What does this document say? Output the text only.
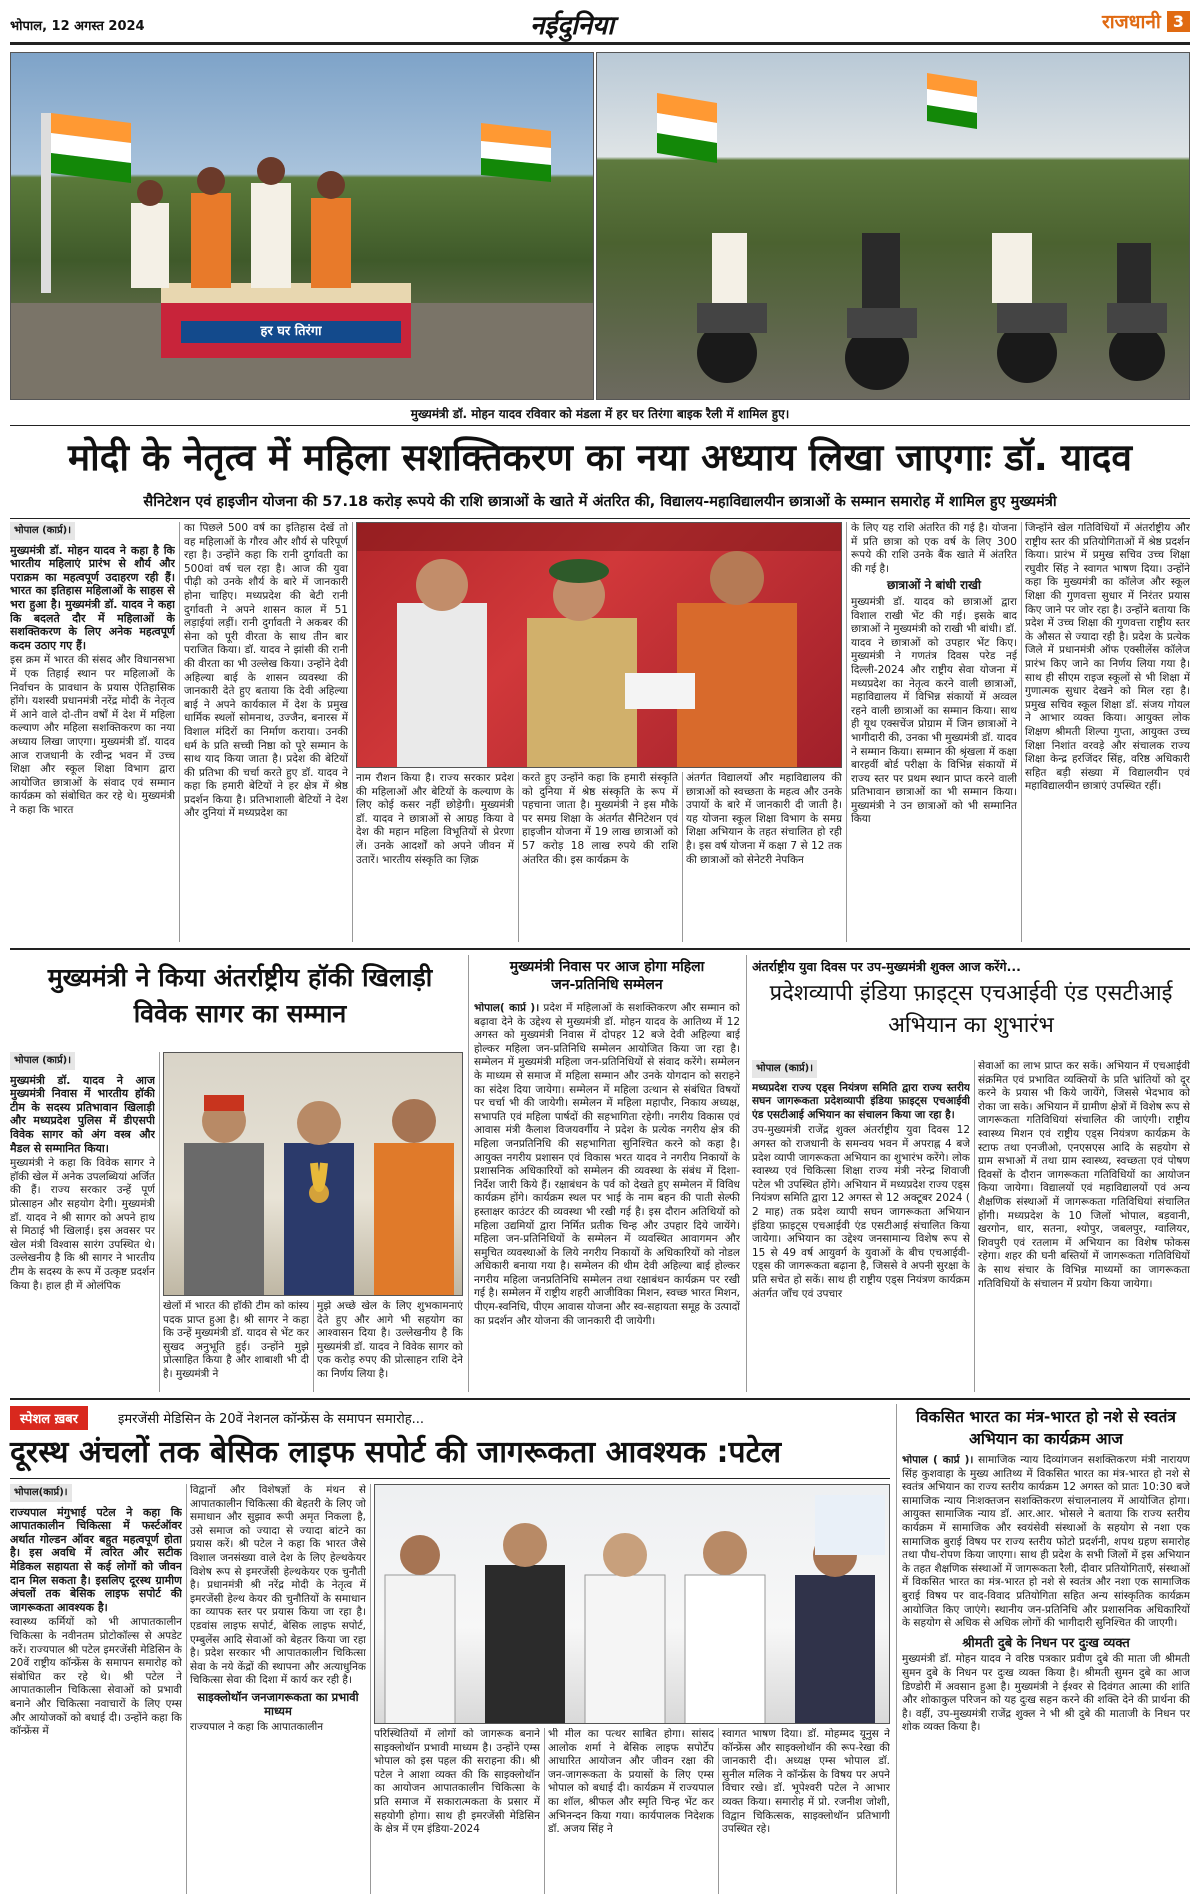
भोपाल, 12 अगस्त 2024	नईदुनिया	राजधानी 3
हर घर तिरंगा
मुख्यमंत्री डॉ. मोहन यादव रविवार को मंडला में हर घर तिरंगा बाइक रैली में शामिल हुए।
मोदी के नेतृत्व में महिला सशक्तिकरण का नया अध्याय लिखा जाएगाः डॉ. यादव
सैनिटेशन एवं हाइजीन योजना की 57.18 करोड़ रूपये की राशि छात्राओं के खाते में अंतरित की, विद्यालय-महाविद्यालयीन छात्राओं के सम्मान समारोह में शामिल हुए मुख्यमंत्री
भोपाल (कार्प्र)।

मुख्यमंत्री डॉ. मोहन यादव ने कहा है कि भारतीय महिलाएं प्रारंभ से शौर्य और पराक्रम का महत्वपूर्ण उदाहरण रही हैं। भारत का इतिहास महिलाओं के साहस से भरा हुआ है। मुख्यमंत्री डॉ. यादव ने कहा कि बदलते दौर में महिलाओं के सशक्तिकरण के लिए अनेक महत्वपूर्ण कदम उठाए गए हैं।

इस क्रम में भारत की संसद और विधानसभा में एक तिहाई स्थान पर महिलाओं के निर्वाचन के प्रावधान के प्रयास ऐतिहासिक होंगे। यशस्वी प्रधानमंत्री नरेंद्र मोदी के नेतृत्व में आने वाले दो-तीन वर्षों में देश में महिला कल्याण और महिला सशक्तिकरण का नया अध्याय लिखा जाएगा। मुख्यमंत्री डॉ. यादव आज राजधानी के रवीन्द्र भवन में उच्च शिक्षा और स्कूल शिक्षा विभाग द्वारा आयोजित छात्राओं के संवाद एवं सम्मान कार्यक्रम को संबोधित कर रहे थे। मुख्यमंत्री ने कहा कि भारत

का पिछले 500 वर्ष का इतिहास देखें तो वह महिलाओं के गौरव और शौर्य से परिपूर्ण रहा है। उन्होंने कहा कि रानी दुर्गावती का 500वां वर्ष चल रहा है। आज की युवा पीढ़ी को उनके शौर्य के बारे में जानकारी होना चाहिए। मध्यप्रदेश की बेटी रानी दुर्गावती ने अपने शासन काल में 51 लड़ाईयां लड़ीं। रानी दुर्गावती ने अकबर की सेना को पूरी वीरता के साथ तीन बार पराजित किया। डॉ. यादव ने झांसी की रानी की वीरता का भी उल्लेख किया। उन्होंने देवी अहिल्या बाई के शासन व्यवस्था की जानकारी देते हुए बताया कि देवी अहिल्या बाई ने अपने कार्यकाल में देश के प्रमुख धार्मिक स्थलों सोमनाथ, उज्जैन, बनारस में विशाल मंदिरों का निर्माण कराया। उनकी धर्म के प्रति सच्ची निष्ठा को पूरे सम्मान के साथ याद किया जाता है। प्रदेश की बेटियों की प्रतिभा की चर्चा करते हुए डॉ. यादव ने कहा कि हमारी बेटियों ने हर क्षेत्र में श्रेष्ठ प्रदर्शन किया है। प्रतिभाशाली बेटियों ने देश और दुनियां में मध्यप्रदेश का

नाम रौशन किया है। राज्य सरकार प्रदेश की महिलाओं और बेटियों के कल्याण के लिए कोई कसर नहीं छोड़ेगी। मुख्यमंत्री डॉ. यादव ने छात्राओं से आग्रह किया वे देश की महान महिला विभूतियों से प्रेरणा लें। उनके आदर्शों को अपने जीवन में उतारें। भारतीय संस्कृति का ज़िक्र

करते हुए उन्होंने कहा कि हमारी संस्कृति को दुनिया में श्रेष्ठ संस्कृति के रूप में पहचाना जाता है। मुख्यमंत्री ने इस मौके पर समग्र शिक्षा के अंतर्गत सैनिटेशन एवं हाइजीन योजना में 19 लाख छात्राओं को 57 करोड़ 18 लाख रुपये की राशि अंतरित की। इस कार्यक्रम के

अंतर्गत विद्यालयों और महाविद्यालय की छात्राओं को स्वच्छता के महत्व और उनके उपायों के बारे में जानकारी दी जाती है। यह योजना स्कूल शिक्षा विभाग के समग्र शिक्षा अभियान के तहत संचालित हो रही है। इस वर्ष योजना में कक्षा 7 से 12 तक की छात्राओं को सेनेटरी नेपकिन

के लिए यह राशि अंतरित की गई है। योजना में प्रति छात्रा को एक वर्ष के लिए 300 रूपये की राशि उनके बैंक खाते में अंतरित की गई है।

छात्राओं ने बांधी राखी

मुख्यमंत्री डॉ. यादव को छात्राओं द्वारा विशाल राखी भेंट की गई। इसके बाद छात्राओं ने मुख्यमंत्री को राखी भी बांधी। डॉ. यादव ने छात्राओं को उपहार भेंट किए। मुख्यमंत्री ने गणतंत्र दिवस परेड नई दिल्ली-2024 और राष्ट्रीय सेवा योजना में मध्यप्रदेश का नेतृत्व करने वाली छात्राओं, महाविद्यालय में विभिन्न संकायों में अव्वल रहने वाली छात्राओं का सम्मान किया। साथ ही यूथ एक्सचेंज प्रोग्राम में जिन छात्राओं ने भागीदारी की, उनका भी मुख्यमंत्री डॉ. यादव ने सम्मान किया। सम्मान की श्रृंखला में कक्षा बारहवीं बोर्ड परीक्षा के विभिन्न संकायों में राज्य स्तर पर प्रथम स्थान प्राप्त करने वाली प्रतिभावान छात्राओं का भी सम्मान किया। मुख्यमंत्री ने उन छात्राओं को भी सम्मानित किया

जिन्होंने खेल गतिविधियों में अंतर्राष्ट्रीय और राष्ट्रीय स्तर की प्रतियोगिताओं में श्रेष्ठ प्रदर्शन किया। प्रारंभ में प्रमुख सचिव उच्च शिक्षा रघुवीर सिंह ने स्वागत भाषण दिया। उन्होंने कहा कि मुख्यमंत्री का कॉलेज और स्कूल शिक्षा की गुणवत्ता सुधार में निरंतर प्रयास किए जाने पर जोर रहा है। उन्होंने बताया कि प्रदेश में उच्च शिक्षा की गुणवत्ता राष्ट्रीय स्तर के औसत से ज्यादा रही है। प्रदेश के प्रत्येक जिले में प्रधानमंत्री ऑफ एक्सीलेंस कॉलेज प्रारंभ किए जाने का निर्णय लिया गया है। साथ ही सीएम राइज स्कूलों से भी शिक्षा में गुणात्मक सुधार देखने को मिल रहा है। प्रमुख सचिव स्कूल शिक्षा डॉ. संजय गोयल ने आभार व्यक्त किया। आयुक्त लोक शिक्षण श्रीमती शिल्पा गुप्ता, आयुक्त उच्च शिक्षा निशांत वरवड़े और संचालक राज्य शिक्षा केन्द्र हरजिंदर सिंह, वरिष्ठ अधिकारी सहित बड़ी संख्या में विद्यालयीन एवं महाविद्यालयीन छात्राएं उपस्थित रहीं।

मुख्यमंत्री ने किया अंतर्राष्ट्रीय हॉकी खिलाड़ी विवेक सागर का सम्मान
भोपाल (कार्प्र)।

मुख्यमंत्री डॉ. यादव ने आज मुख्यमंत्री निवास में भारतीय हॉकी टीम के सदस्य प्रतिभावान खिलाड़ी और मध्यप्रदेश पुलिस में डीएसपी विवेक सागर को अंग वस्त्र और मैडल से सम्मानित किया।

मुख्यमंत्री ने कहा कि विवेक सागर ने हॉकी खेल में अनेक उपलब्धियां अर्जित की हैं। राज्य सरकार उन्हें पूर्ण प्रोत्साहन और सहयोग देगी। मुख्यमंत्री डॉ. यादव ने श्री सागर को अपने हाथ से मिठाई भी खिलाई। इस अवसर पर खेल मंत्री विश्वास सारंग उपस्थित थे। उल्लेखनीय है कि श्री सागर ने भारतीय टीम के सदस्य के रूप में उत्कृष्ट प्रदर्शन किया है। हाल ही में ओलंपिक

खेलों में भारत की हॉकी टीम को कांस्य पदक प्राप्त हुआ है। श्री सागर ने कहा कि उन्हें मुख्यमंत्री डॉ. यादव से भेंट कर सुखद अनुभूति हुई। उन्होंने मुझे प्रोत्साहित किया है और शाबाशी भी दी है। मुख्यमंत्री ने

मुझे अच्छे खेल के लिए शुभकामनाएं देते हुए और आगे भी सहयोग का आश्वासन दिया है। उल्लेखनीय है कि मुख्यमंत्री डॉ. यादव ने विवेक सागर को एक करोड़ रुपए की प्रोत्साहन राशि देने का निर्णय लिया है।

मुख्यमंत्री निवास पर आज होगा महिला
जन-प्रतिनिधि सम्मेलन
भोपाल( कार्प्र )। प्रदेश में महिलाओं के सशक्तिकरण और सम्मान को बढ़ावा देने के उद्देश्य से मुख्यमंत्री डॉ. मोहन यादव के आतिथ्य में 12 अगस्त को मुख्यमंत्री निवास में दोपहर 12 बजे देवी अहिल्या बाई होल्कर महिला जन-प्रतिनिधि सम्मेलन आयोजित किया जा रहा है। सम्मेलन में मुख्यमंत्री महिला जन-प्रतिनिधियों से संवाद करेंगे। सम्मेलन के माध्यम से समाज में महिला सम्मान और उनके योगदान को सराहने का संदेश दिया जायेगा। सम्मेलन में महिला उत्थान से संबंधित विषयों पर चर्चा भी की जायेगी। सम्मेलन में महिला महापौर, निकाय अध्यक्ष, सभापति एवं महिला पार्षदों की सहभागिता रहेगी। नगरीय विकास एवं आवास मंत्री कैलाश विजयवर्गीय ने प्रदेश के प्रत्येक नगरीय क्षेत्र की महिला जनप्रतिनिधि की सहभागिता सुनिश्चित करने को कहा है। आयुक्त नगरीय प्रशासन एवं विकास भरत यादव ने नगरीय निकायों के प्रशासनिक अधिकारियों को सम्मेलन की व्यवस्था के संबंध में दिशा-निर्देश जारी किये हैं। रक्षाबंधन के पर्व को देखते हुए सम्मेलन में विविध कार्यक्रम होंगे। कार्यक्रम स्थल पर भाई के नाम बहन की पाती सेल्फी हस्ताक्षर काउंटर की व्यवस्था भी रखी गई है। इस दौरान अतिथियों को महिला उद्यमियों द्वारा निर्मित प्रतीक चिन्ह और उपहार दिये जायेंगे। महिला जन-प्रतिनिधियों के सम्मेलन में व्यवस्थित आवागमन और समुचित व्यवस्थाओं के लिये नगरीय निकायों के अधिकारियों को नोडल अधिकारी बनाया गया है। सम्मेलन की थीम देवी अहिल्या बाई होल्कर नगरीय महिला जनप्रतिनिधि सम्मेलन तथा रक्षाबंधन कार्यक्रम पर रखी गई है। सम्मेलन में राष्ट्रीय शहरी आजीविका मिशन, स्वच्छ भारत मिशन, पीएम-स्वनिधि, पीएम आवास योजना और स्व-सहायता समूह के उत्पादों का प्रदर्शन और योजना की जानकारी दी जायेगी।
अंतर्राष्ट्रीय युवा दिवस पर उप-मुख्यमंत्री शुक्ल आज करेंगे...
प्रदेशव्यापी इंडिया फ़ाइट्स एचआईवी एंड एसटीआई अभियान का शुभारंभ
भोपाल (कार्प्र)।

मध्यप्रदेश राज्य एड्स नियंत्रण समिति द्वारा राज्य स्तरीय सघन जागरूकता प्रदेशव्यापी इंडिया फ़ाइट्स एचआईवी एंड एसटीआई अभियान का संचालन किया जा रहा है।

उप-मुख्यमंत्री राजेंद्र शुक्ल अंतर्राष्ट्रीय युवा दिवस 12 अगस्त को राजधानी के समन्वय भवन में अपराह्न 4 बजे प्रदेश व्यापी जागरूकता अभियान का शुभारंभ करेंगे। लोक स्वास्थ्य एवं चिकित्सा शिक्षा राज्य मंत्री नरेन्द्र शिवाजी पटेल भी उपस्थित होंगे। अभियान में मध्यप्रदेश राज्य एड्स नियंत्रण समिति द्वारा 12 अगस्त से 12 अक्टूबर 2024 ( 2 माह) तक प्रदेश व्यापी सघन जागरूकता अभियान इंडिया फ़ाइट्स एचआईवी एंड एसटीआई संचालित किया जायेगा। अभियान का उद्देश्य जनसामान्य विशेष रूप से 15 से 49 वर्ष आयुवर्ग के युवाओं के बीच एचआईवी-एड्स की जागरूकता बढ़ाना है, जिससे वे अपनी सुरक्षा के प्रति सचेत हो सकें। साथ ही राष्ट्रीय एड्स नियंत्रण कार्यक्रम अंतर्गत जाँच एवं उपचार

सेवाओं का लाभ प्राप्त कर सकें। अभियान में एचआईवी संक्रमित एवं प्रभावित व्यक्तियों के प्रति भ्रांतियों को दूर करने के प्रयास भी किये जायेंगे, जिससे भेदभाव को रोका जा सके। अभियान में ग्रामीण क्षेत्रों में विशेष रूप से जागरूकता गतिविधियां संचालित की जाएंगी। राष्ट्रीय स्वास्थ्य मिशन एवं राष्ट्रीय एड्स नियंत्रण कार्यक्रम के स्टाफ तथा एनजीओ, एनएसएस आदि के सहयोग से ग्राम सभाओं में तथा ग्राम स्वास्थ्य, स्वच्छता एवं पोषण दिवसों के दौरान जागरूकता गतिविधियों का आयोजन किया जायेगा। विद्यालयों एवं महाविद्यालयों एवं अन्य शैक्षणिक संस्थाओं में जागरूकता गतिविधियां संचालित होंगी। मध्यप्रदेश के 10 जिलों भोपाल, बड़वानी, खरगोन, धार, सतना, श्योपुर, जबलपुर, ग्वालियर, शिवपुरी एवं रतलाम में अभियान का विशेष फोकस रहेगा। शहर की घनी बस्तियों में जागरूकता गतिविधियों के साथ संचार के विभिन्न माध्यमों का जागरूकता गतिविधियों के संचालन में प्रयोग किया जायेगा।

स्पेशल ख़बर	इमरजेंसी मेडिसिन के 20वें नेशनल कॉन्फ्रेंस के समापन समारोह...
दूरस्थ अंचलों तक बेसिक लाइफ सपोर्ट की जागरूकता आवश्यक :पटेल
भोपाल(कार्प्र)।

राज्यपाल मंगुभाई पटेल ने कहा कि आपातकालीन चिकित्सा में फर्स्टऑवर अर्थात गोल्डन ऑवर बहुत महत्वपूर्ण होता है। इस अवधि में त्वरित और सटीक मेडिकल सहायता से कई लोगों को जीवन दान मिल सकता है। इसलिए दूरस्थ ग्रामीण अंचलों तक बेसिक लाइफ सपोर्ट की जागरूकता आवश्यक है।

स्वास्थ्य कर्मियों को भी आपातकालीन चिकित्सा के नवीनतम प्रोटोकॉल्स से अपडेट करें। राज्यपाल श्री पटेल इमरजेंसी मेडिसिन के 20वें राष्ट्रीय कॉन्फ्रेंस के समापन समारोह को संबोधित कर रहे थे। श्री पटेल ने आपातकालीन चिकित्सा सेवाओं को प्रभावी बनाने और चिकित्सा नवाचारों के लिए एम्स और आयोजकों को बधाई दी। उन्होंने कहा कि कॉन्फ्रेंस में

विद्वानों और विशेषज्ञों के मंथन से आपातकालीन चिकित्सा की बेहतरी के लिए जो समाधान और सुझाव रूपी अमृत निकला है, उसे समाज को ज्यादा से ज्यादा बांटने का प्रयास करें। श्री पटेल ने कहा कि भारत जैसे विशाल जनसंख्या वाले देश के लिए हेल्थकेयर विशेष रूप से इमरजेंसी हेल्थकेयर एक चुनौती है। प्रधानमंत्री श्री नरेंद्र मोदी के नेतृत्व में इमरजेंसी हेल्थ केयर की चुनौतियों के समाधान का व्यापक स्तर पर प्रयास किया जा रहा है। एडवांस लाइफ सपोर्ट, बेसिक लाइफ सपोर्ट, एम्बुलेंस आदि सेवाओं को बेहतर किया जा रहा है। प्रदेश सरकार भी आपातकालीन चिकित्सा सेवा के नये केंद्रों की स्थापना और अत्याधुनिक चिकित्सा सेवा की दिशा में कार्य कर रही है।

साइक्लोथॉन जनजागरूकता का प्रभावी माध्यम

राज्यपाल ने कहा कि आपातकालीन

परिस्थितियों में लोगों को जागरूक बनाने साइक्लोथॉन प्रभावी माध्यम है। उन्होंने एम्स भोपाल को इस पहल की सराहना की। श्री पटेल ने आशा व्यक्त की कि साइक्लोथॉन का आयोजन आपातकालीन चिकित्सा के प्रति समाज में सकारात्मकता के प्रसार में सहयोगी होगा। साथ ही इमरजेंसी मेडिसिन के क्षेत्र में एम इंडिया-2024

भी मील का पत्थर साबित होगा। सांसद आलोक शर्मा ने बेसिक लाइफ सपोर्टेप आधारित आयोजन और जीवन रक्षा की जन-जागरूकता के प्रयासों के लिए एम्स भोपाल को बधाई दी। कार्यक्रम में राज्यपाल का शॉल, श्रीफल और स्मृति चिन्ह भेंट कर अभिनन्दन किया गया। कार्यपालक निदेशक डॉ. अजय सिंह ने

स्वागत भाषण दिया। डॉ. मोहम्मद यूनुस ने कॉन्फ्रेंस और साइक्लोथॉन की रूप-रेखा की जानकारी दी। अध्यक्ष एम्स भोपाल डॉ. सुनील मलिक ने कॉन्फ्रेंस के विषय पर अपने विचार रखे। डॉ. भूपेश्वरी पटेल ने आभार व्यक्त किया। समारोह में प्रो. रजनीश जोशी, विद्वान चिकित्सक, साइक्लोथॉन प्रतिभागी उपस्थित रहे।

विकसित भारत का मंत्र-भारत हो नशे से स्वतंत्र अभियान का कार्यक्रम आज
भोपाल ( कार्प्र )। सामाजिक न्याय दिव्यांगजन सशक्तिकरण मंत्री नारायण सिंह कुशवाहा के मुख्य आतिथ्य में विकसित भारत का मंत्र-भारत हो नशे से स्वतंत्र अभियान का राज्य स्तरीय कार्यक्रम 12 अगस्त को प्रातः 10:30 बजे सामाजिक न्याय निःशक्तजन सशक्तिकरण संचालनालय में आयोजित होगा। आयुक्त सामाजिक न्याय डॉ. आर.आर. भोसले ने बताया कि राज्य स्तरीय कार्यक्रम में सामाजिक और स्वयंसेवी संस्थाओं के सहयोग से नशा एक सामाजिक बुराई विषय पर राज्य स्तरीय फोटो प्रदर्शनी, शपथ ग्रहण समारोह तथा पौध-रोपण किया जाएगा। साथ ही प्रदेश के सभी जिलों में इस अभियान के तहत शैक्षणिक संस्थाओं में जागरूकता रैली, दीवार प्रतियोगिताएँ, संस्थाओं में विकसित भारत का मंत्र-भारत हो नशे से स्वतंत्र और नशा एक सामाजिक बुराई विषय पर वाद-विवाद प्रतियोगिता सहित अन्य सांस्कृतिक कार्यक्रम आयोजित किए जाएंगे। स्थानीय जन-प्रतिनिधि और प्रशासनिक अधिकारियों के सहयोग से अधिक से अधिक लोगों की भागीदारी सुनिश्चित की जाएगी।
श्रीमती दुबे के निधन पर दुःख व्यक्त

मुख्यमंत्री डॉ. मोहन यादव ने वरिष्ठ पत्रकार प्रवीण दुबे की माता जी श्रीमती सुमन दुबे के निधन पर दुःख व्यक्त किया है। श्रीमती सुमन दुबे का आज डिण्डोरी में अवसान हुआ है। मुख्यमंत्री ने ईश्वर से दिवंगत आत्मा की शांति और शोकाकुल परिजन को यह दुःख सहन करने की शक्ति देने की प्रार्थना की है। वहीं, उप-मुख्यमंत्री राजेंद्र शुक्ल ने भी श्री दुबे की माताजी के निधन पर शोक व्यक्त किया है।
